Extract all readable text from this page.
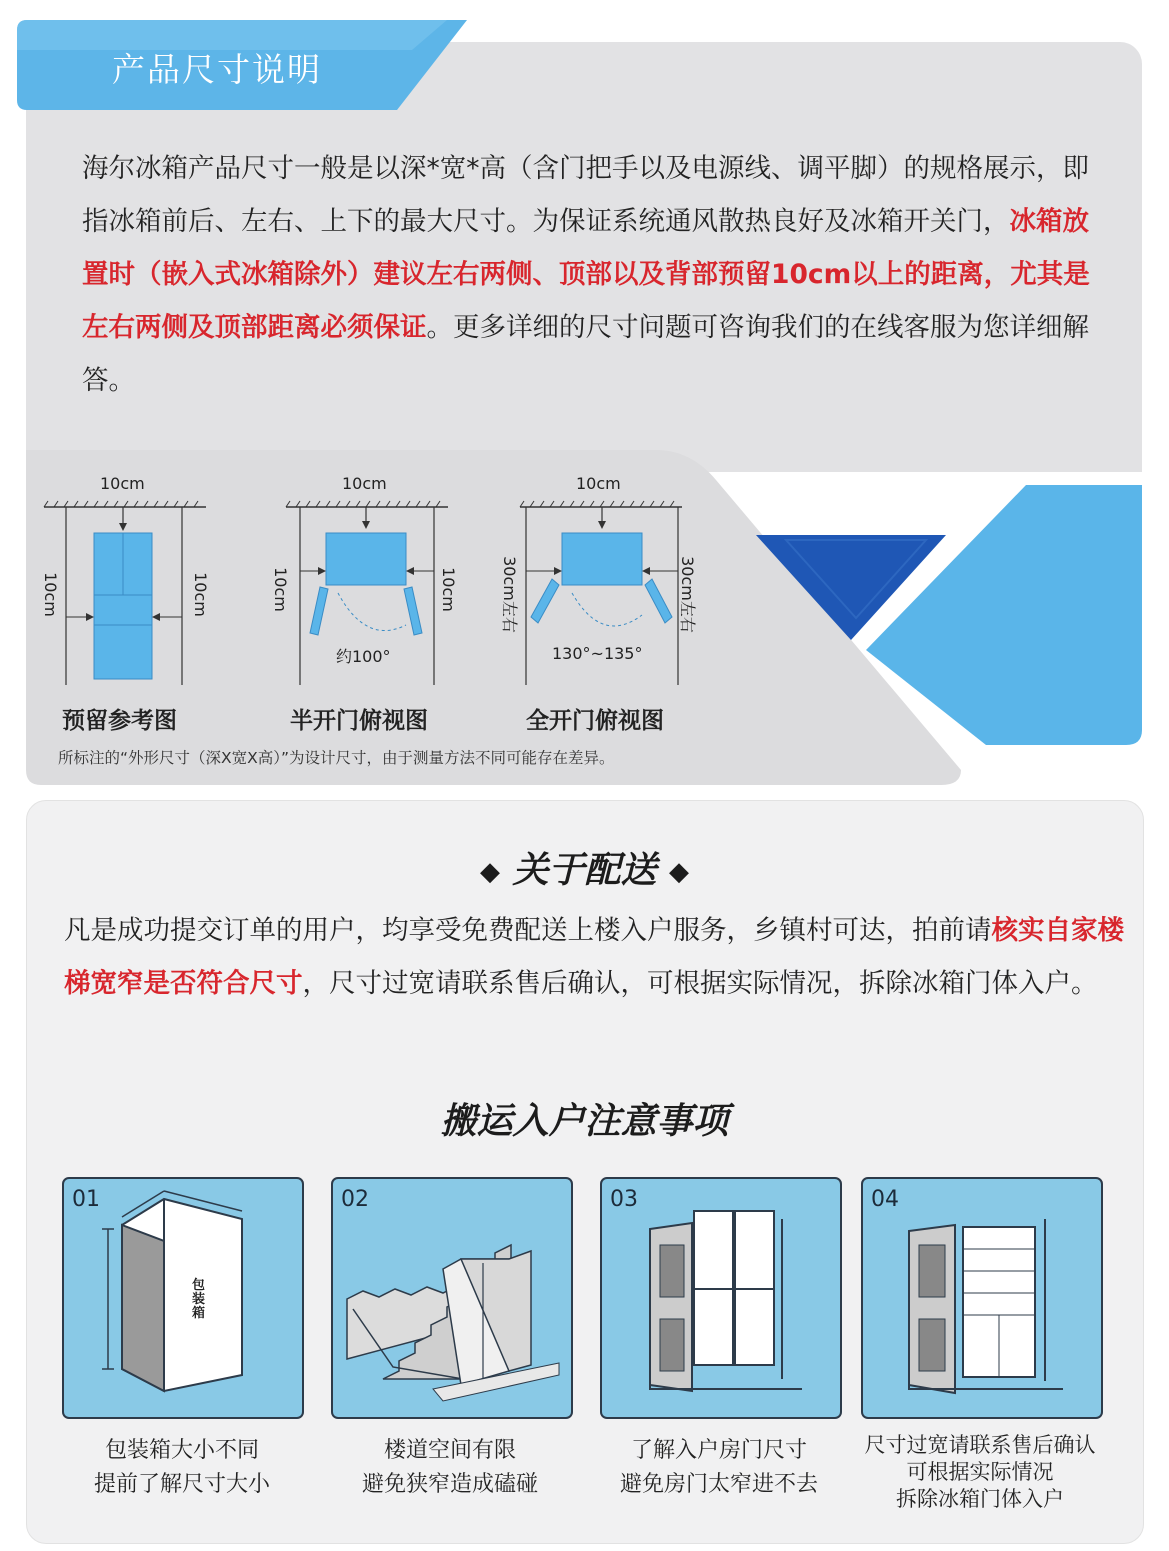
产品尺寸说明
海尔冰箱产品尺寸一般是以深*宽*高（含门把手以及电源线、调平脚）的规格展示，即指冰箱前后、左右、上下的最大尺寸。为保证系统通风散热良好及冰箱开关门，冰箱放置时（嵌入式冰箱除外）建议左右两侧、顶部以及背部预留10cm以上的距离，尤其是左右两侧及顶部距离必须保证。更多详细的尺寸问题可咨询我们的在线客服为您详细解答。
10cm
10cm	10cm
预留参考图
10cm
10cm	10cm
约100°
半开门俯视图
10cm
30cm左右	30cm左右
130°~135°
全开门俯视图
所标注的“外形尺寸（深X宽X高）”为设计尺寸，由于测量方法不同可能存在差异。
◆ 关于配送 ◆
凡是成功提交订单的用户，均享受免费配送上楼入户服务，乡镇村可达，拍前请核实自家楼梯宽窄是否符合尺寸，尺寸过宽请联系售后确认，可根据实际情况，拆除冰箱门体入户。
搬运入户注意事项
01
包装箱
包装箱大小不同
提前了解尺寸大小
02
楼道空间有限
避免狭窄造成磕碰
03
了解入户房门尺寸
避免房门太窄进不去
04
尺寸过宽请联系售后确认
可根据实际情况
拆除冰箱门体入户
